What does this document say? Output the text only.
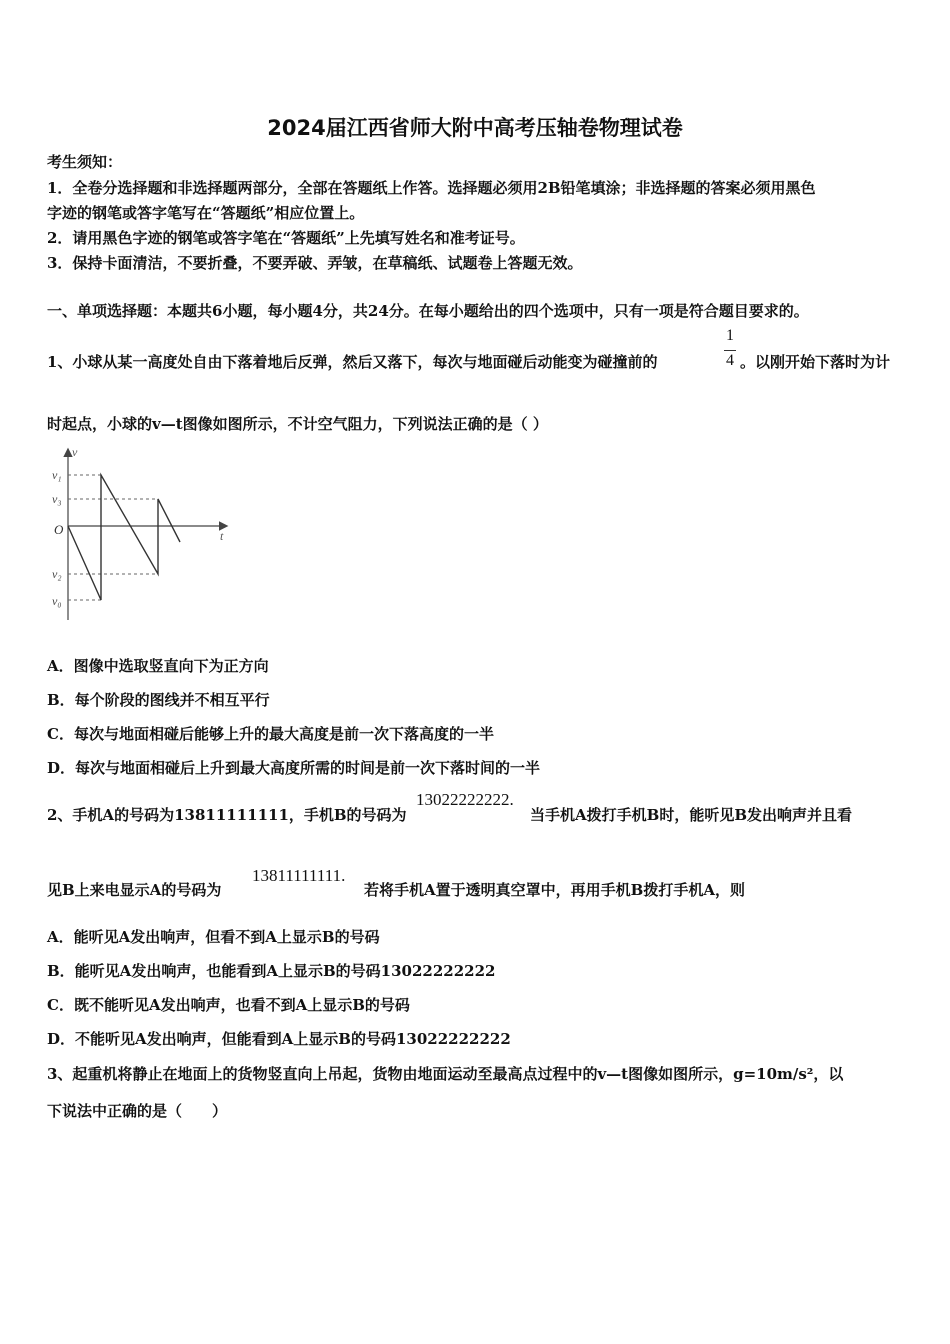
2024届江西省师大附中高考压轴卷物理试卷
考生须知：
1．全卷分选择题和非选择题两部分，全部在答题纸上作答。选择题必须用2B铅笔填涂；非选择题的答案必须用黑色
字迹的钢笔或答字笔写在“答题纸”相应位置上。
2．请用黑色字迹的钢笔或答字笔在“答题纸”上先填写姓名和准考证号。
3．保持卡面清洁，不要折叠，不要弄破、弄皱，在草稿纸、试题卷上答题无效。
一、单项选择题：本题共6小题，每小题4分，共24分。在每小题给出的四个选项中，只有一项是符合题目要求的。
1、小球从某一高度处自由下落着地后反弹，然后又落下，每次与地面碰后动能变为碰撞前的
1
4 。以刚开始下落时为计
时起点，小球的v—t图像如图所示，不计空气阻力，下列说法正确的是（ ）
v
t
O
v₁
v₃
v₂
v₀
A．图像中选取竖直向下为正方向
B．每个阶段的图线并不相互平行
C．每次与地面相碰后能够上升的最大高度是前一次下落高度的一半
D．每次与地面相碰后上升到最大高度所需的时间是前一次下落时间的一半
2、手机A的号码为13811111111，手机B的号码为
13022222222.
当手机A拨打手机B时，能听见B发出响声并且看
见B上来电显示A的号码为
13811111111.
若将手机A置于透明真空罩中，再用手机B拨打手机A，则
A．能听见A发出响声，但看不到A上显示B的号码
B．能听见A发出响声，也能看到A上显示B的号码13022222222
C．既不能听见A发出响声，也看不到A上显示B的号码
D．不能听见A发出响声，但能看到A上显示B的号码13022222222
3、起重机将静止在地面上的货物竖直向上吊起，货物由地面运动至最高点过程中的v—t图像如图所示，g=10m/s²，以
下说法中正确的是（　　）
